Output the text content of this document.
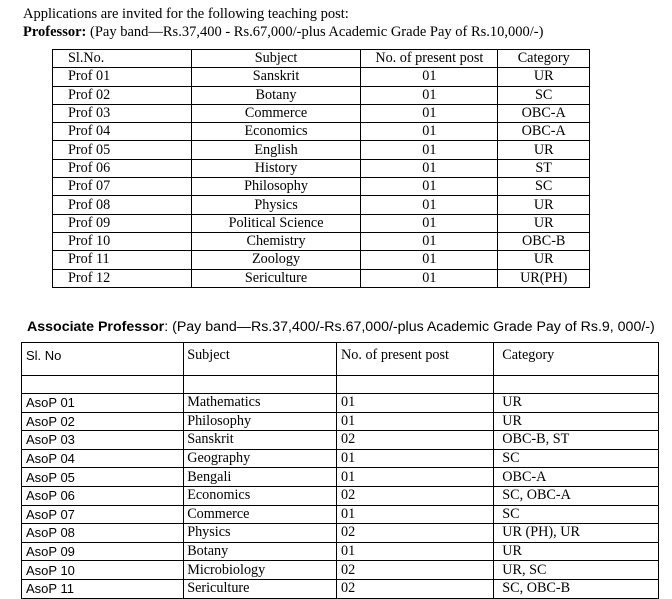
Applications are invited for the following teaching post:
Professor: (Pay band—Rs.37,400 - Rs.67,000/-plus Academic Grade Pay of Rs.10,000/-)
Sl.No.	Subject	No. of present post	Category
Prof 01	Sanskrit	01	UR
Prof 02	Botany	01	SC
Prof 03	Commerce	01	OBC-A
Prof 04	Economics	01	OBC-A
Prof 05	English	01	UR
Prof 06	History	01	ST
Prof 07	Philosophy	01	SC
Prof 08	Physics	01	UR
Prof 09	Political Science	01	UR
Prof 10	Chemistry	01	OBC-B
Prof 11	Zoology	01	UR
Prof 12	Sericulture	01	UR(PH)
Associate Professor: (Pay band—Rs.37,400/-Rs.67,000/-plus Academic Grade Pay of Rs.9, 000/-)
Sl. No	Subject	No. of present post	Category

AsoP 01	Mathematics	01	UR
AsoP 02	Philosophy	01	UR
AsoP 03	Sanskrit	02	OBC-B, ST
AsoP 04	Geography	01	SC
AsoP 05	Bengali	01	OBC-A
AsoP 06	Economics	02	SC, OBC-A
AsoP 07	Commerce	01	SC
AsoP 08	Physics	02	UR (PH), UR
AsoP 09	Botany	01	UR
AsoP 10	Microbiology	02	UR, SC
AsoP 11	Sericulture	02	SC, OBC-B
